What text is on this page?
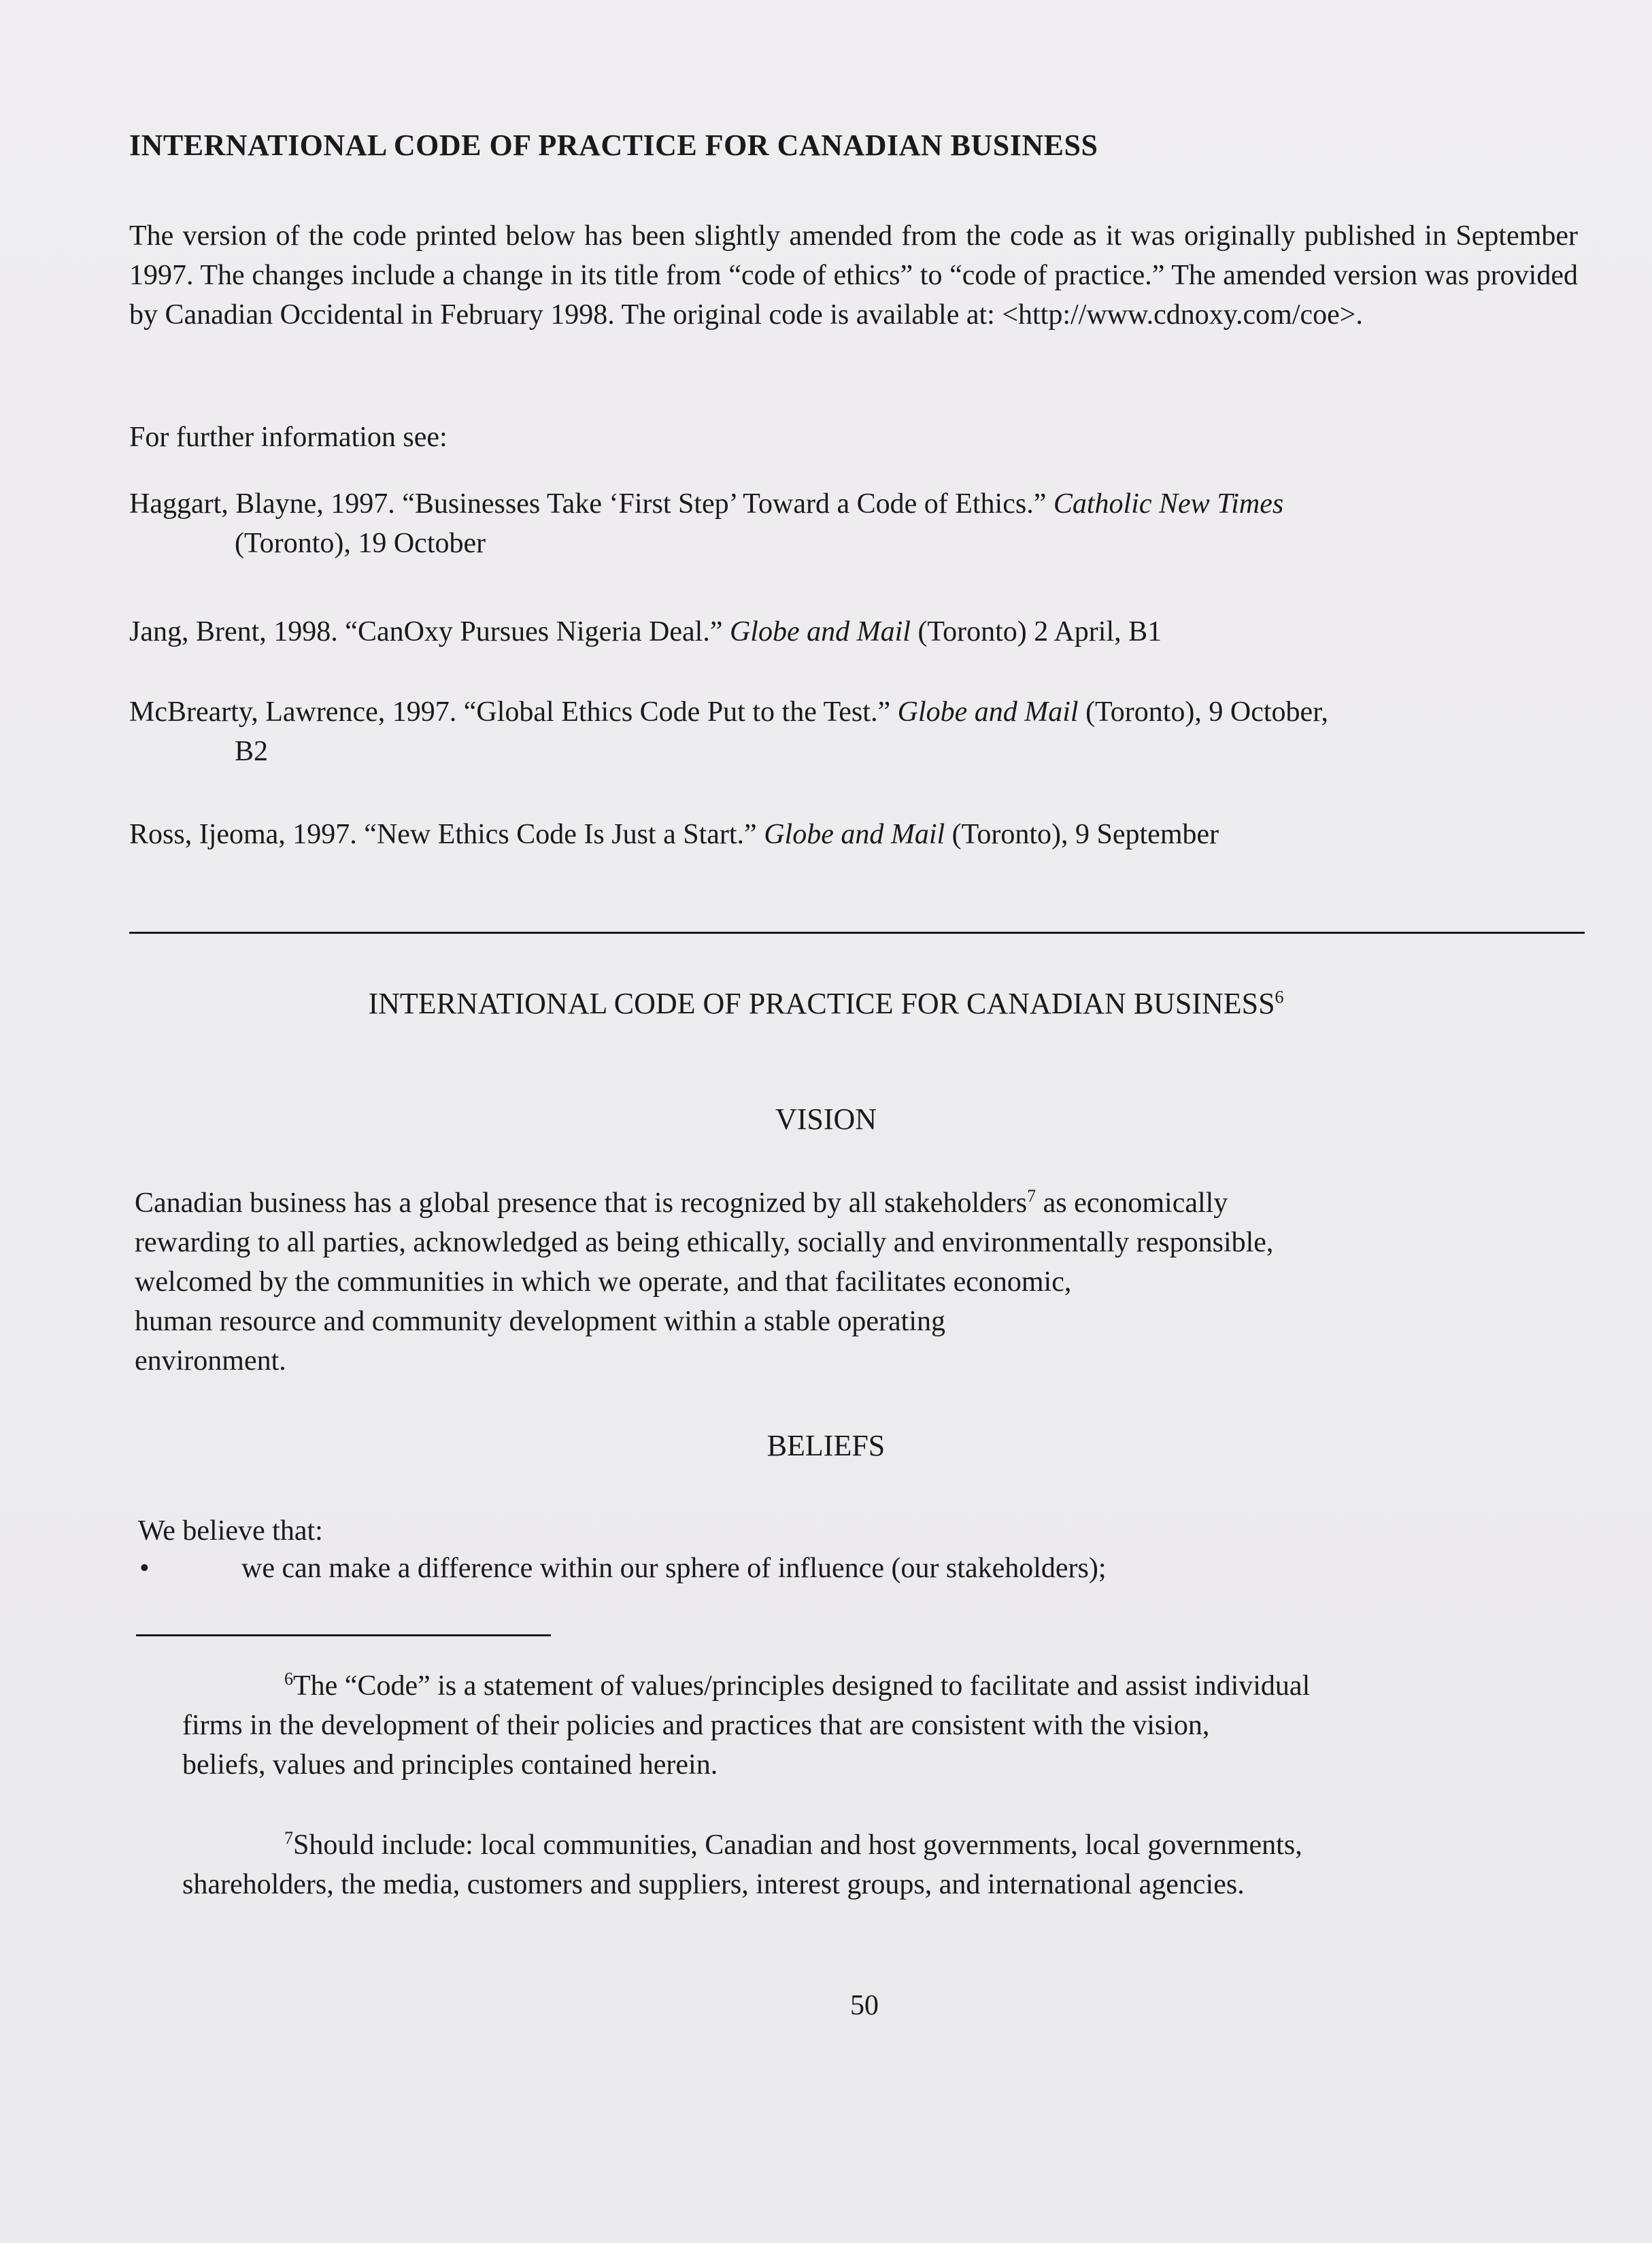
INTERNATIONAL CODE OF PRACTICE FOR CANADIAN BUSINESS
The version of the code printed below has been slightly amended from the code as it was originally published in September 1997. The changes include a change in its title from “code of ethics” to “code of practice.” The amended version was provided by Canadian Occidental in February 1998. The original code is available at: <http://www.cdnoxy.com/coe>.
For further information see:
Haggart, Blayne, 1997. “Businesses Take ‘First Step’ Toward a Code of Ethics.” Catholic New Times
(Toronto), 19 October
Jang, Brent, 1998. “CanOxy Pursues Nigeria Deal.” Globe and Mail (Toronto) 2 April, B1
McBrearty, Lawrence, 1997. “Global Ethics Code Put to the Test.” Globe and Mail (Toronto), 9 October,
B2
Ross, Ijeoma, 1997. “New Ethics Code Is Just a Start.” Globe and Mail (Toronto), 9 September
INTERNATIONAL CODE OF PRACTICE FOR CANADIAN BUSINESS$^6$
VISION
Canadian business has a global presence that is recognized by all stakeholders$^7$ as economically
rewarding to all parties, acknowledged as being ethically, socially and environmentally responsible,
welcomed by the communities in which we operate, and that facilitates economic,
human resource and community development within a stable operating
environment.
BELIEFS
We believe that:
•	we can make a difference within our sphere of influence (our stakeholders);
$^6$The “Code” is a statement of values/principles designed to facilitate and assist individual
firms in the development of their policies and practices that are consistent with the vision,
beliefs, values and principles contained herein.
$^7$Should include: local communities, Canadian and host governments, local governments,
shareholders, the media, customers and suppliers, interest groups, and international agencies.
50
